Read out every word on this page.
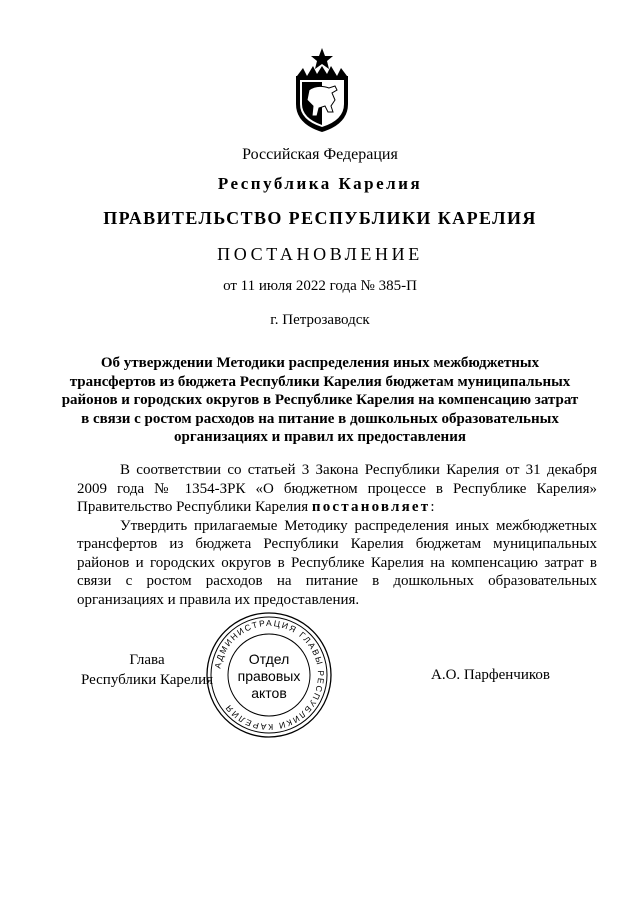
Российская Федерация
Республика Карелия
ПРАВИТЕЛЬСТВО РЕСПУБЛИКИ КАРЕЛИЯ
ПОСТАНОВЛЕНИЕ
от 11 июля 2022 года № 385-П
г. Петрозаводск
Об утверждении Методики распределения иных межбюджетных трансфертов из бюджета Республики Карелия бюджетам муниципальных районов и городских округов в Республике Карелия на компенсацию затрат в связи с ростом расходов на питание в дошкольных образовательных организациях и правил их предоставления

В соответствии со статьей 3 Закона Республики Карелия от 31 декабря 2009 года № 1354-ЗРК «О бюджетном процессе в Республике Карелия» Правительство Республики Карелия постановляет:

Утвердить прилагаемые Методику распределения иных межбюджетных трансфертов из бюджета Республики Карелия бюджетам муниципальных районов и городских округов в Республике Карелия на компенсацию затрат в связи с ростом расходов на питание в дошкольных образовательных организациях и правила их предоставления.

Глава
Республики Карелия	А.О. Парфенчиков
АДМИНИСТРАЦИЯ ГЛАВЫ РЕСПУБЛИКИ КАРЕЛИЯ
Отдел
правовых
актов
